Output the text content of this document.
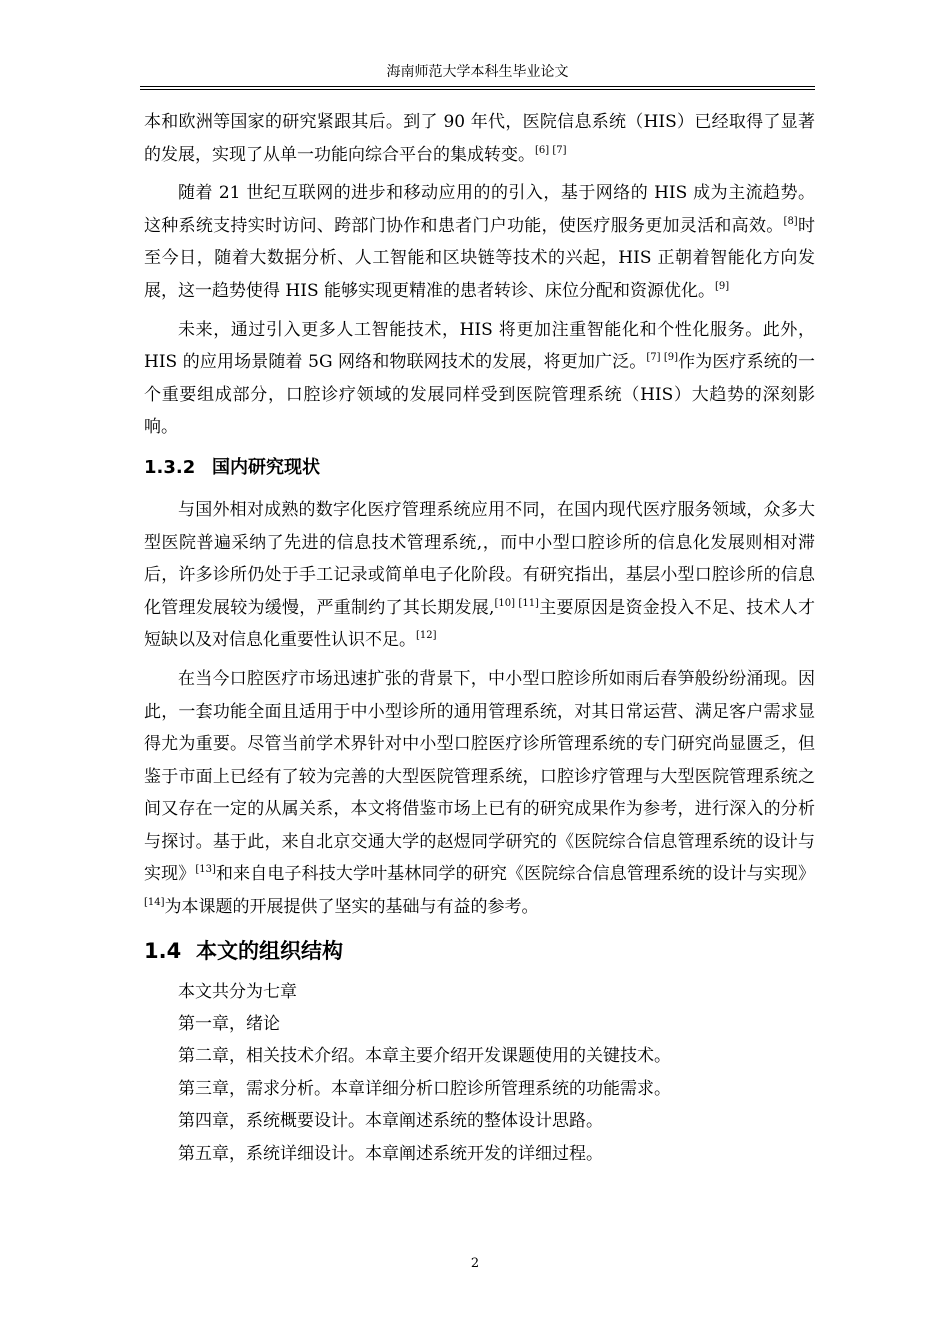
海南师范大学本科生毕业论文

本和欧洲等国家的研究紧跟其后。到了 90 年代，医院信息系统（HIS）已经取得了显著的发展，实现了从单一功能向综合平台的集成转变。[6] [7]

随着 21 世纪互联网的进步和移动应用的的引入，基于网络的 HIS 成为主流趋势。这种系统支持实时访问、跨部门协作和患者门户功能，使医疗服务更加灵活和高效。[8]时至今日，随着大数据分析、人工智能和区块链等技术的兴起，HIS 正朝着智能化方向发展，这一趋势使得 HIS 能够实现更精准的患者转诊、床位分配和资源优化。[9]

未来，通过引入更多人工智能技术，HIS 将更加注重智能化和个性化服务。此外，HIS 的应用场景随着 5G 网络和物联网技术的发展，将更加广泛。[7] [9]作为医疗系统的一个重要组成部分，口腔诊疗领域的发展同样受到医院管理系统（HIS）大趋势的深刻影响。

1.3.2 国内研究现状

与国外相对成熟的数字化医疗管理系统应用不同，在国内现代医疗服务领域，众多大型医院普遍采纳了先进的信息技术管理系统,，而中小型口腔诊所的信息化发展则相对滞后，许多诊所仍处于手工记录或简单电子化阶段。有研究指出，基层小型口腔诊所的信息化管理发展较为缓慢，严重制约了其长期发展,[10] [11]主要原因是资金投入不足、技术人才短缺以及对信息化重要性认识不足。[12]

在当今口腔医疗市场迅速扩张的背景下，中小型口腔诊所如雨后春笋般纷纷涌现。因此，一套功能全面且适用于中小型诊所的通用管理系统，对其日常运营、满足客户需求显得尤为重要。尽管当前学术界针对中小型口腔医疗诊所管理系统的专门研究尚显匮乏，但鉴于市面上已经有了较为完善的大型医院管理系统，口腔诊疗管理与大型医院管理系统之间又存在一定的从属关系，本文将借鉴市场上已有的研究成果作为参考，进行深入的分析与探讨。基于此，来自北京交通大学的赵煜同学研究的《医院综合信息管理系统的设计与实现》[13]和来自电子科技大学叶基林同学的研究《医院综合信息管理系统的设计与实现》[14]为本课题的开展提供了坚实的基础与有益的参考。

1.4 本文的组织结构

本文共分为七章

第一章，绪论

第二章，相关技术介绍。本章主要介绍开发课题使用的关键技术。

第三章，需求分析。本章详细分析口腔诊所管理系统的功能需求。

第四章，系统概要设计。本章阐述系统的整体设计思路。

第五章，系统详细设计。本章阐述系统开发的详细过程。

2
